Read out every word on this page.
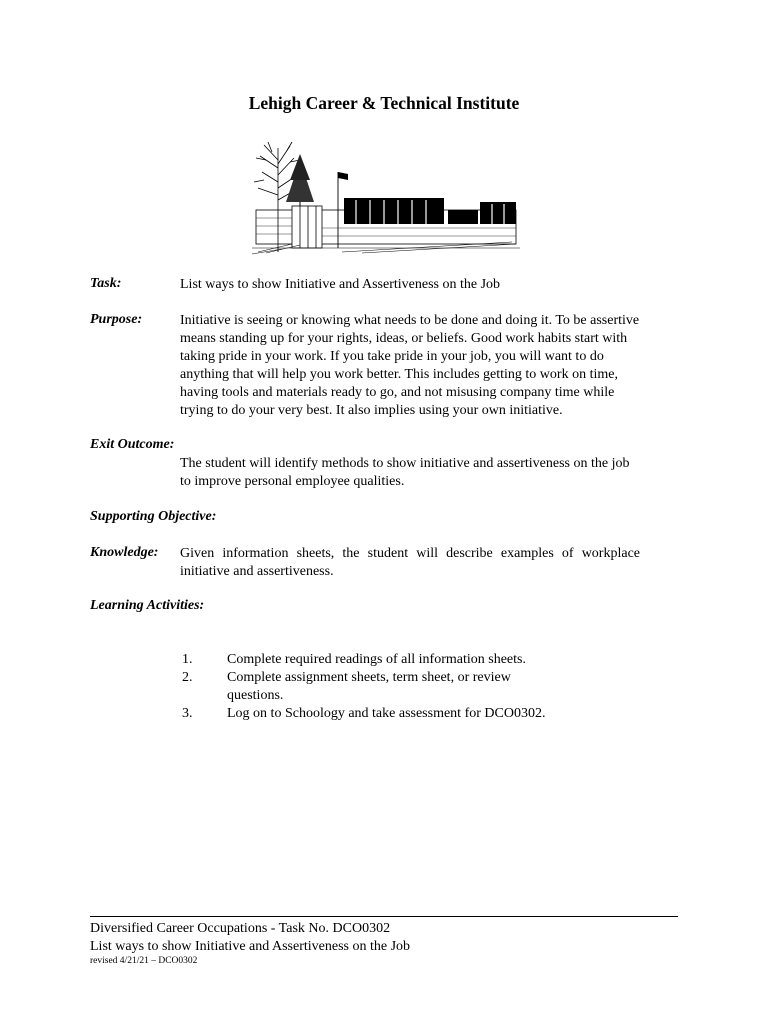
Lehigh Career & Technical Institute
Task:	List ways to show Initiative and Assertiveness on the Job
Purpose:	Initiative is seeing or knowing what needs to be done and doing it. To be assertive
means standing up for your rights, ideas, or beliefs. Good work habits start with
taking pride in your work. If you take pride in your job, you will want to do
anything that will help you work better. This includes getting to work on time,
having tools and materials ready to go, and not misusing company time while
trying to do your very best. It also implies using your own initiative.
Exit Outcome:
The student will identify methods to show initiative and assertiveness on the job
to improve personal employee qualities.
Supporting Objective:
Knowledge: Given information sheets, the student will describe examples of workplace
initiative and assertiveness.
Learning Activities:
1.	Complete required readings of all information sheets.
2.	Complete assignment sheets, term sheet, or review
questions.
3.	Log on to Schoology and take assessment for DCO0302.
Diversified Career Occupations - Task No. DCO0302
List ways to show Initiative and Assertiveness on the Job
revised 4/21/21 – DCO0302
